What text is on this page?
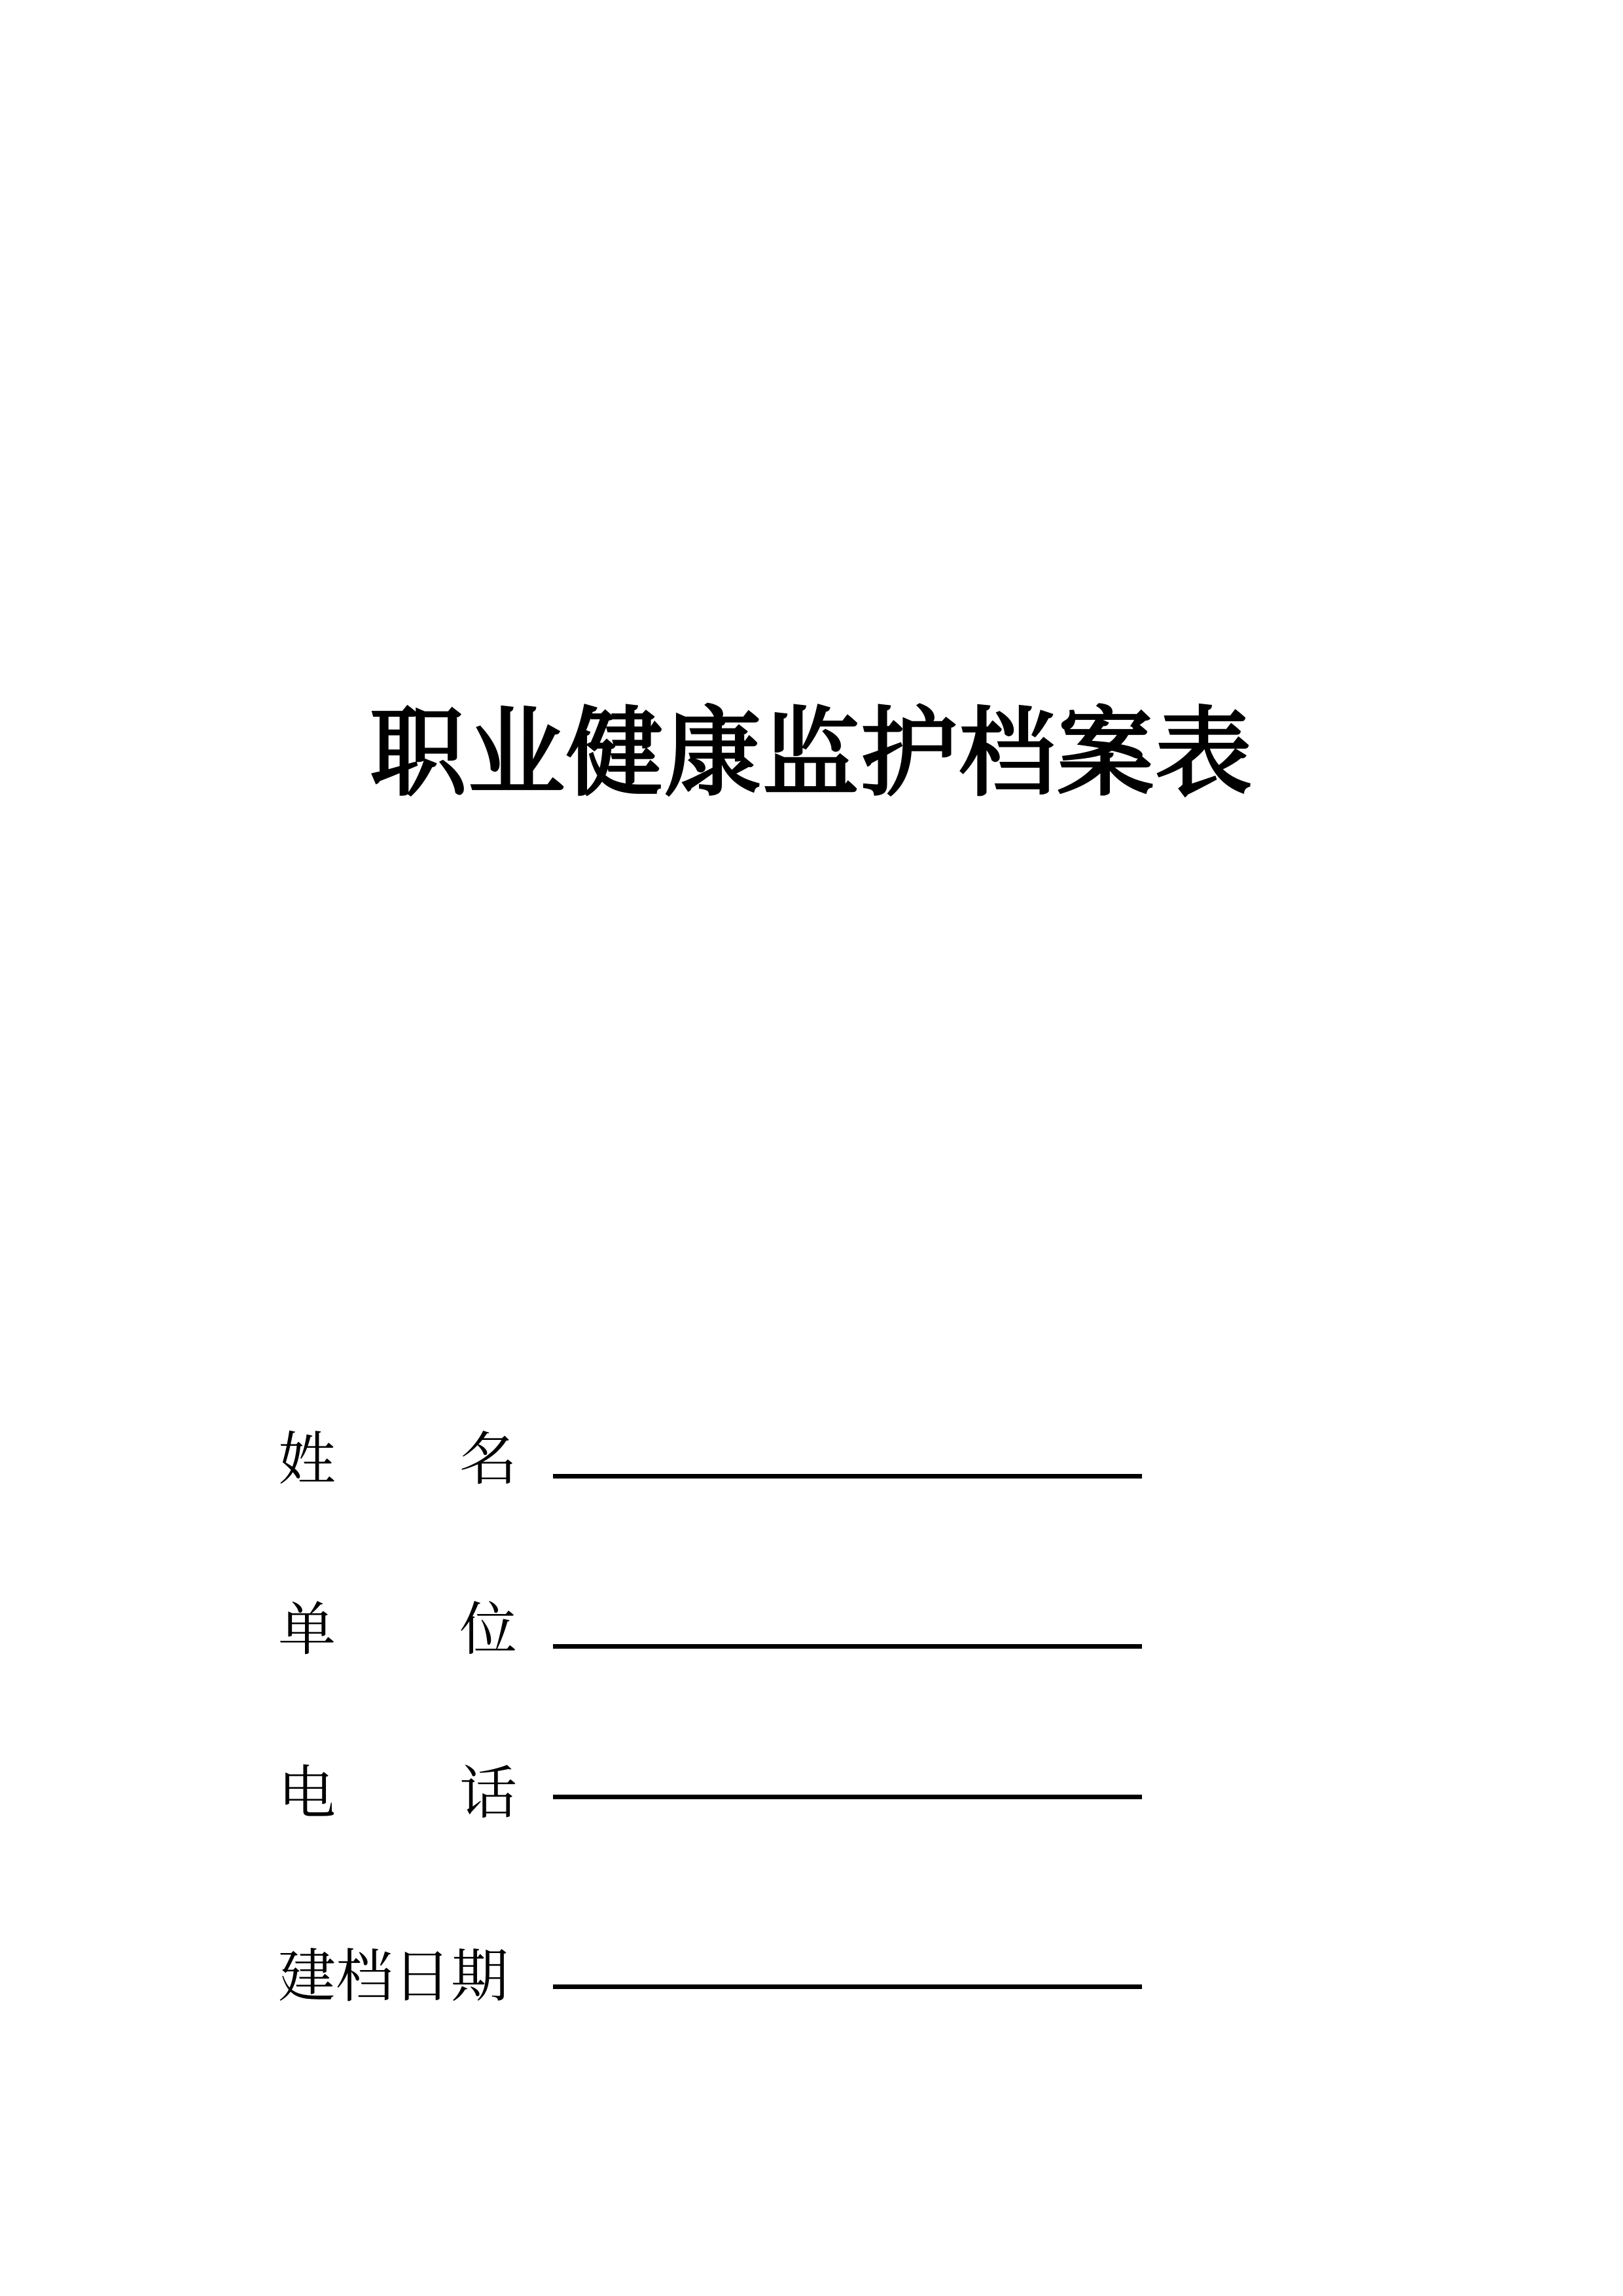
职业健康监护档案表
姓 名
单 位
电 话
建档日期
